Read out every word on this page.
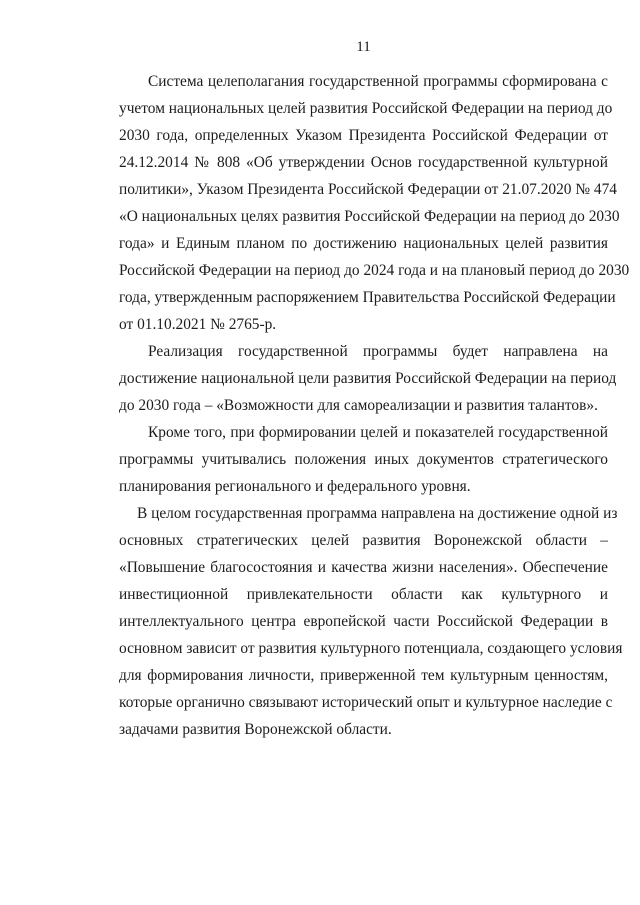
11
Система целеполагания государственной программы сформирована с
учетом национальных целей развития Российской Федерации на период до
2030 года, определенных Указом Президента Российской Федерации от
24.12.2014 № 808 «Об утверждении Основ государственной культурной
политики», Указом Президента Российской Федерации от 21.07.2020 № 474
«О национальных целях развития Российской Федерации на период до 2030
года» и Единым планом по достижению национальных целей развития
Российской Федерации на период до 2024 года и на плановый период до 2030
года, утвержденным распоряжением Правительства Российской Федерации
от 01.10.2021 № 2765-р.
Реализация государственной программы будет направлена на
достижение национальной цели развития Российской Федерации на период
до 2030 года – «Возможности для самореализации и развития талантов».
Кроме того, при формировании целей и показателей государственной
программы учитывались положения иных документов стратегического
планирования регионального и федерального уровня.
В целом государственная программа направлена на достижение одной из
основных стратегических целей развития Воронежской области –
«Повышение благосостояния и качества жизни населения». Обеспечение
инвестиционной привлекательности области как культурного и
интеллектуального центра европейской части Российской Федерации в
основном зависит от развития культурного потенциала, создающего условия
для формирования личности, приверженной тем культурным ценностям,
которые органично связывают исторический опыт и культурное наследие с
задачами развития Воронежской области.
